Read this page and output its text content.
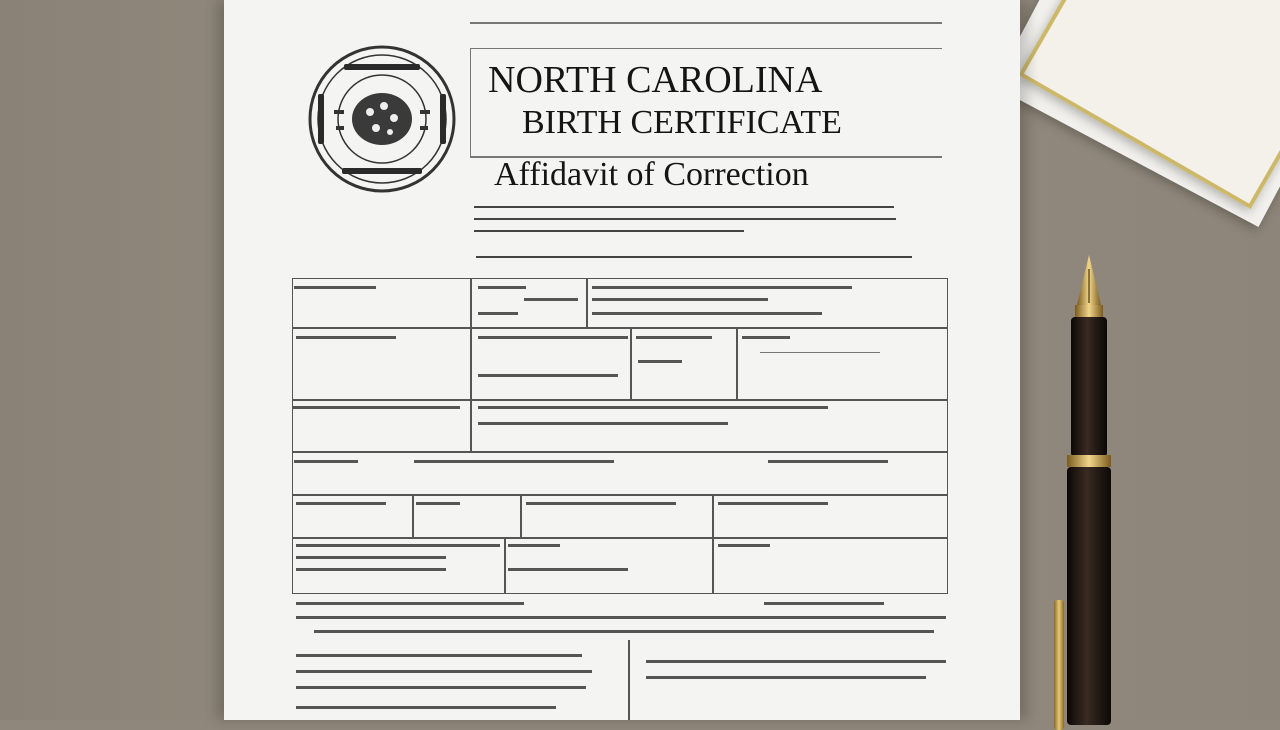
NORTH CAROLINA
BIRTH CERTIFICATE
Affidavit of Correction
